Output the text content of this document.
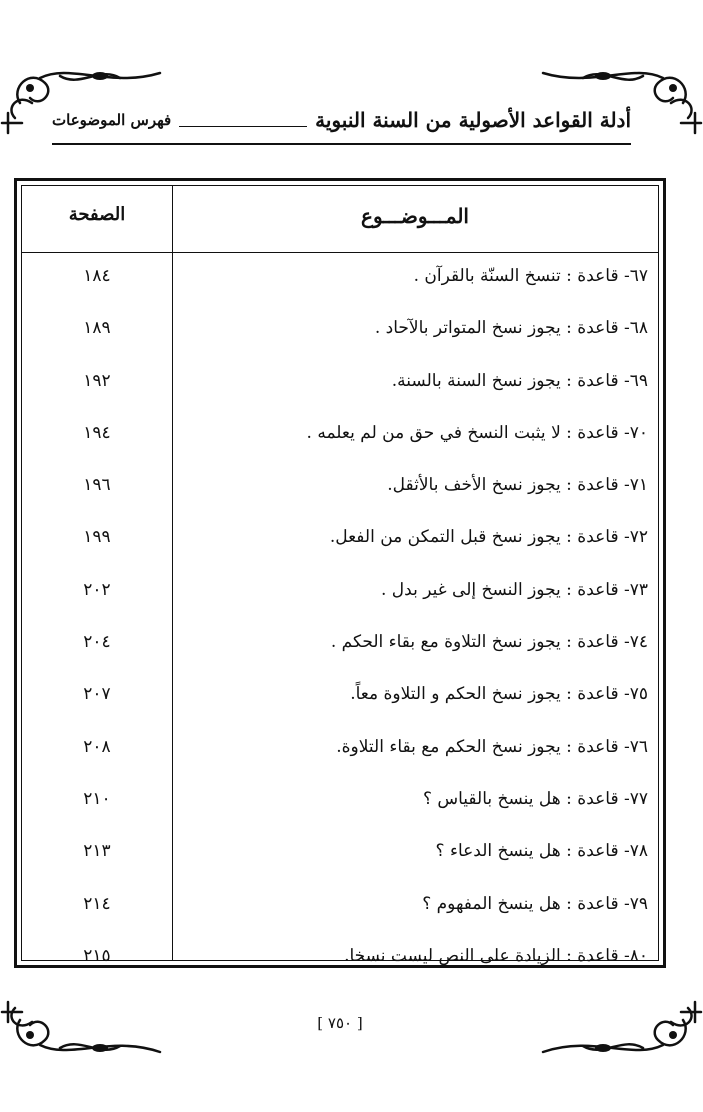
أدلة القواعد الأصولية من السنة النبوية
فهرس الموضوعات
المـــوضـــوع
الصفحة
٦٧- قاعدة : تنسخ السنّة بالقرآن .
١٨٤
٦٨- قاعدة : يجوز نسخ المتواتر بالآحاد .
١٨٩
٦٩- قاعدة : يجوز نسخ السنة بالسنة.
١٩٢
٧٠- قاعدة : لا يثبت النسخ في حق من لم يعلمه .
١٩٤
٧١- قاعدة : يجوز نسخ الأخف بالأثقل.
١٩٦
٧٢- قاعدة : يجوز نسخ قبل التمكن من الفعل.
١٩٩
٧٣- قاعدة : يجوز النسخ إلى غير بدل .
٢٠٢
٧٤- قاعدة : يجوز نسخ التلاوة مع بقاء الحكم .
٢٠٤
٧٥- قاعدة : يجوز نسخ الحكم و التلاوة معاً.
٢٠٧
٧٦- قاعدة : يجوز نسخ الحكم مع بقاء التلاوة.
٢٠٨
٧٧- قاعدة : هل ينسخ بالقياس ؟
٢١٠
٧٨- قاعدة : هل ينسخ الدعاء ؟
٢١٣
٧٩- قاعدة : هل ينسخ المفهوم ؟
٢١٤
٨٠- قاعدة : الزيادة على النص ليست نسخا.
٢١٥
[ ٧٥٠ ]
